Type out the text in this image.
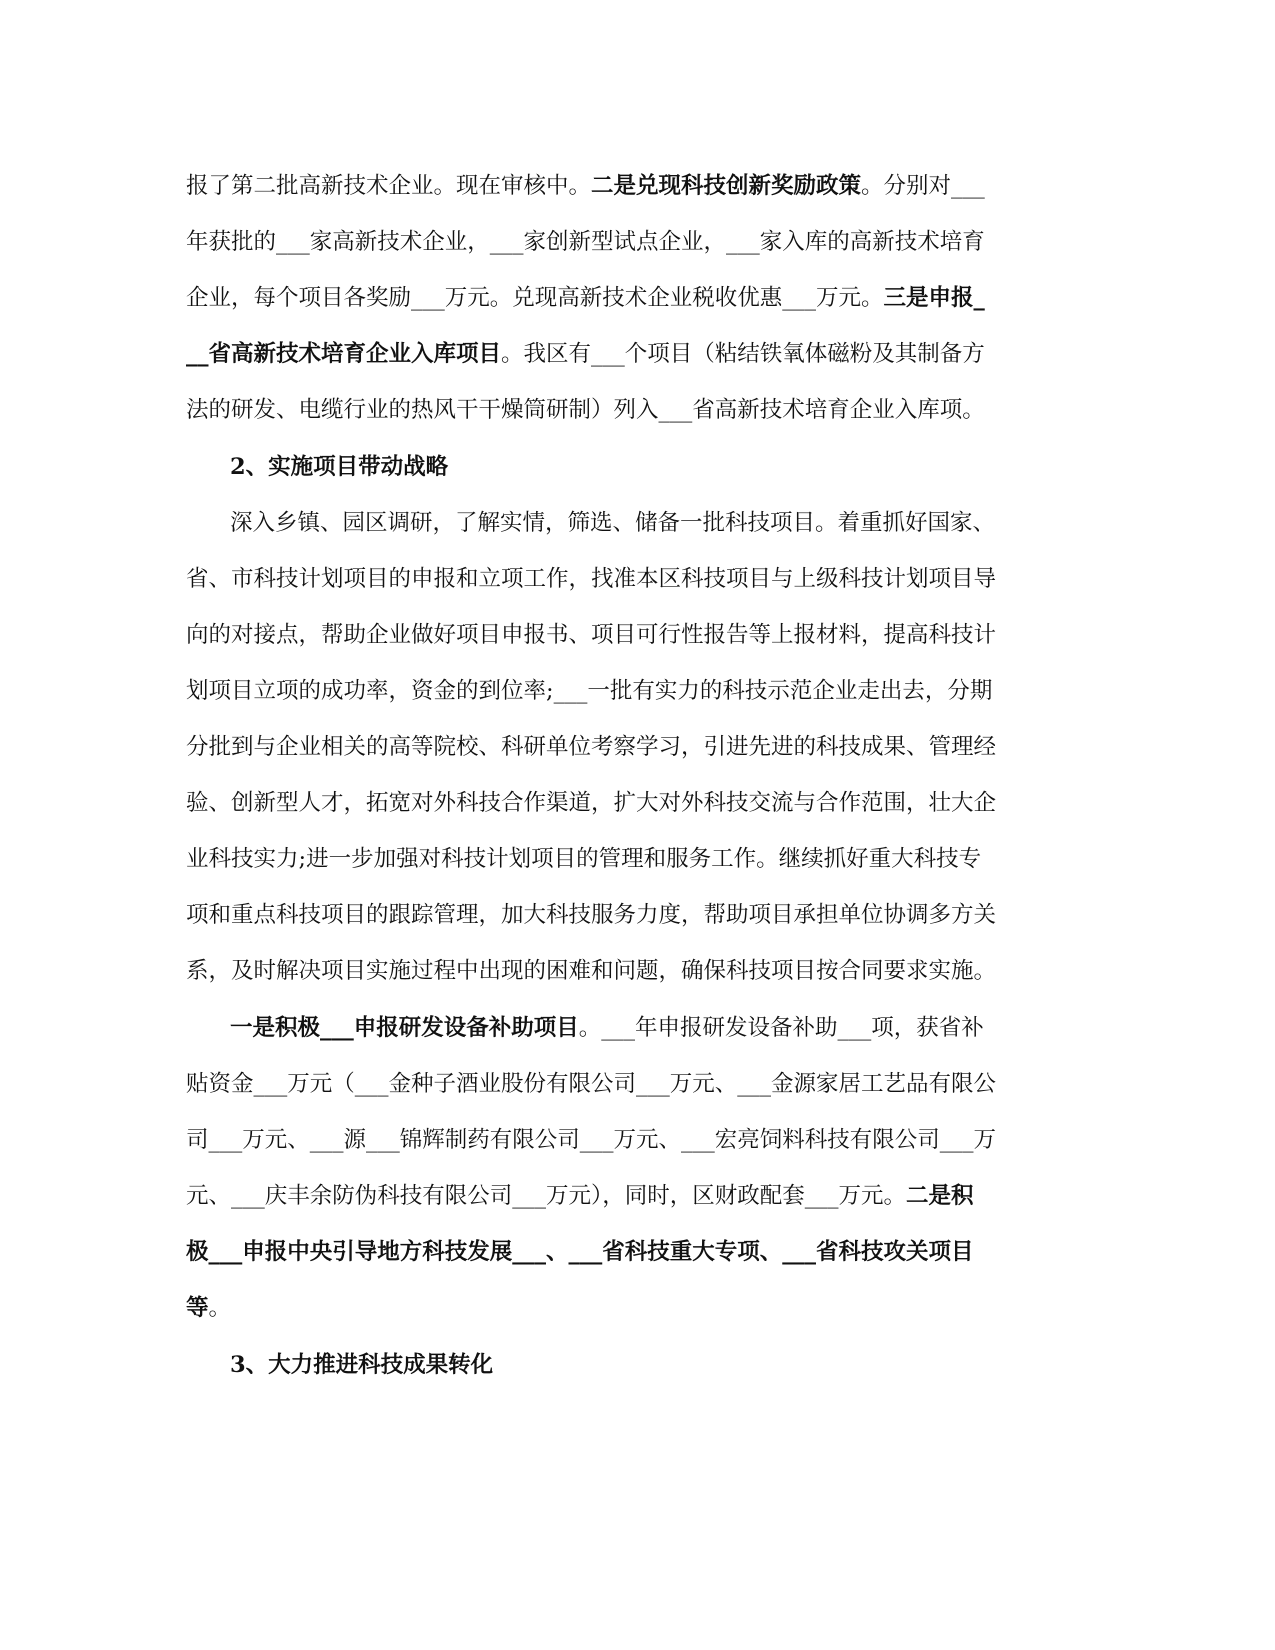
报了第二批高新技术企业。现在审核中。二是兑现科技创新奖励政策。分别对___
年获批的___家高新技术企业，___家创新型试点企业，___家入库的高新技术培育
企业，每个项目各奖励___万元。兑现高新技术企业税收优惠___万元。三是申报_
__省高新技术培育企业入库项目。我区有___个项目（粘结铁氧体磁粉及其制备方
法的研发、电缆行业的热风干干燥筒研制）列入___省高新技术培育企业入库项。
2、实施项目带动战略
深入乡镇、园区调研，了解实情，筛选、储备一批科技项目。着重抓好国家、
省、市科技计划项目的申报和立项工作，找准本区科技项目与上级科技计划项目导
向的对接点，帮助企业做好项目申报书、项目可行性报告等上报材料，提高科技计
划项目立项的成功率，资金的到位率;___一批有实力的科技示范企业走出去，分期
分批到与企业相关的高等院校、科研单位考察学习，引进先进的科技成果、管理经
验、创新型人才，拓宽对外科技合作渠道，扩大对外科技交流与合作范围，壮大企
业科技实力;进一步加强对科技计划项目的管理和服务工作。继续抓好重大科技专
项和重点科技项目的跟踪管理，加大科技服务力度，帮助项目承担单位协调多方关
系，及时解决项目实施过程中出现的困难和问题，确保科技项目按合同要求实施。
一是积极___申报研发设备补助项目。___年申报研发设备补助___项，获省补
贴资金___万元（___金种子酒业股份有限公司___万元、___金源家居工艺品有限公
司___万元、___源___锦辉制药有限公司___万元、___宏亮饲料科技有限公司___万
元、___庆丰余防伪科技有限公司___万元），同时，区财政配套___万元。二是积
极___申报中央引导地方科技发展___、___省科技重大专项、___省科技攻关项目
等。
3、大力推进科技成果转化
